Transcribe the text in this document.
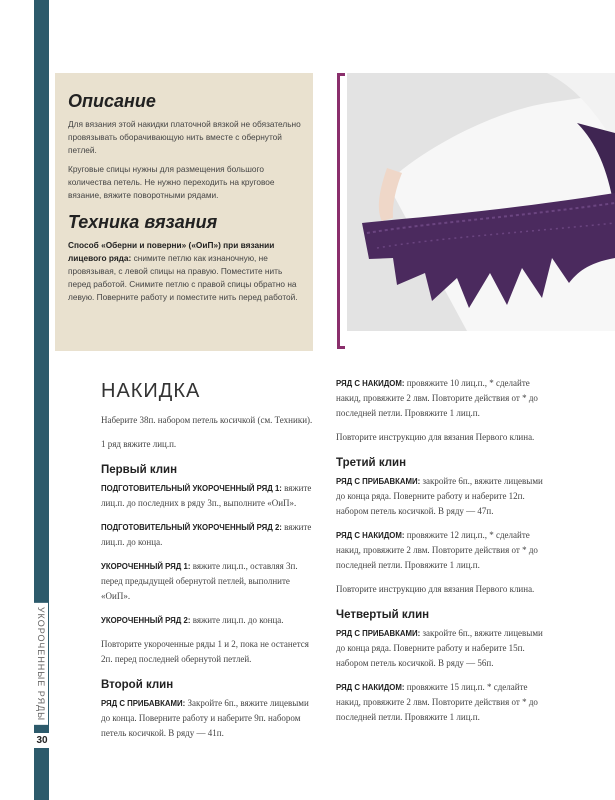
УКОРОЧЕННЫЕ РЯДЫ
30
Описание

Для вязания этой накидки платочной вязкой не обязательно провязывать оборачивающую нить вместе с обернутой петлей.

Круговые спицы нужны для размещения большого количества петель. Не нужно переходить на круговое вязание, вяжите поворотными рядами.

Техника вязания

Способ «Оберни и поверни» («ОиП») при вязании лицевого ряда: снимите петлю как изнаночную, не провязывая, с левой спицы на правую. Поместите нить перед работой. Снимите петлю с правой спицы обратно на левую. Поверните работу и поместите нить перед работой.

НАКИДКА

Наберите 38п. набором петель косичкой (см. Техники).

1 ряд вяжите лиц.п.

Первый клин

ПОДГОТОВИТЕЛЬНЫЙ УКОРОЧЕННЫЙ РЯД 1: вяжите лиц.п. до последних в ряду 3п., выполните «ОиП».

ПОДГОТОВИТЕЛЬНЫЙ УКОРОЧЕННЫЙ РЯД 2: вяжите лиц.п. до конца.

УКОРОЧЕННЫЙ РЯД 1: вяжите лиц.п., оставляя 3п. перед предыдущей обернутой петлей, выполните «ОиП».

УКОРОЧЕННЫЙ РЯД 2: вяжите лиц.п. до конца.

Повторите укороченные ряды 1 и 2, пока не останется 2п. перед последней обернутой петлей.

Второй клин

РЯД С ПРИБАВКАМИ: Закройте 6п., вяжите лицевыми до конца. Поверните работу и наберите 9п. набором петель косичкой. В ряду — 41п.

РЯД С НАКИДОМ: провяжите 10 лиц.п., * сделайте накид, провяжите 2 лвм. Повторите действия от * до последней петли. Провяжите 1 лиц.п.

Повторите инструкцию для вязания Первого клина.

Третий клин

РЯД С ПРИБАВКАМИ: закройте 6п., вяжите лицевыми до конца ряда. Поверните работу и наберите 12п. набором петель косичкой. В ряду — 47п.

РЯД С НАКИДОМ: провяжите 12 лиц.п., * сделайте накид, провяжите 2 лвм. Повторите действия от * до последней петли. Провяжите 1 лиц.п.

Повторите инструкцию для вязания Первого клина.

Четвертый клин

РЯД С ПРИБАВКАМИ: закройте 6п., вяжите лицевыми до конца ряда. Поверните работу и наберите 15п. набором петель косичкой. В ряду — 56п.

РЯД С НАКИДОМ: провяжите 15 лиц.п. * сделайте накид, провяжите 2 лвм. Повторите действия от * до последней петли. Провяжите 1 лиц.п.
